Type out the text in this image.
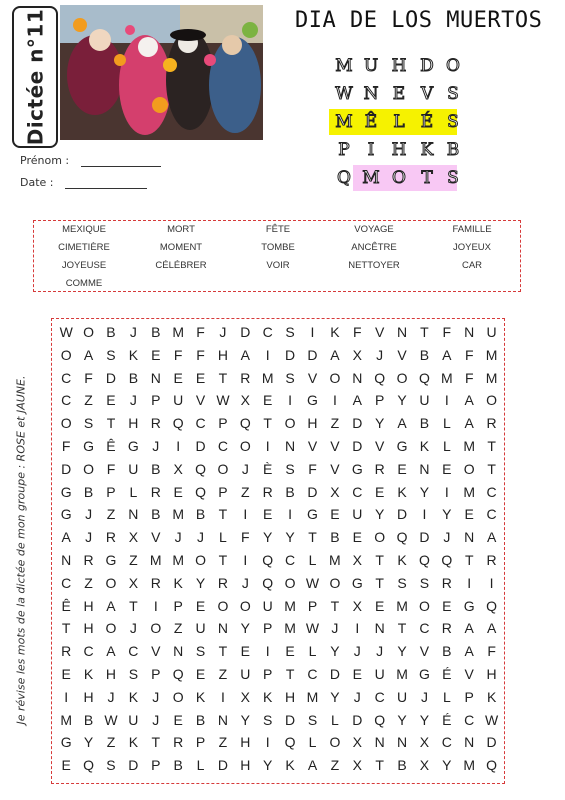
Dictée n°11
Prénom :
Date :
DIA DE LOS MUERTOS
M U H D O
W N E V S
M Ê L É S
P	I	H K B
Q M O T S
MEXIQUE	MORT	FÊTE	VOYAGE	FAMILLE
CIMETIÈRE	MOMENT	TOMBE	ANCÊTRE	JOYEUX
JOYEUSE	CÉLÉBRER	VOIR	NETTOYER	CAR
COMME
Je révise les mots de la dictée de mon groupe : ROSE et JAUNE.
W O B	J	B M F	J D C S	I	K F V N T F N U
O A S K E F F H A	I	D D A X	J	V B A F M
C F D B N E E T R M S V O N Q O Q M F M
C Z E	J	P U V W X E	I	G	I	A P Y U	I	A O
O S T H R Q C P Q T O H Z D Y A B L A R
F G Ê G J	I	D C O	I	N V V D V G K L M T
D O F U B X Q O J	È S F V G R E N E O T
G B P L R E Q P Z R B D X C E K Y	I	M C
G J	Z N B M B T	I	E	I	G E U Y D	I	Y E C
A	J R X V	J	J	L	F Y Y T B E O Q D J N A
N R G Z M M O T	I	Q C L M X T K Q Q T R
C Z O X R K Y R J Q O W O G T S S R	I	I
Ê H A T	I	P E O O U M P T X E M O E G Q
T H O J O Z U N Y P M W J	I	N T C R A A
R C A C V N S T E	I	E L Y	J	J	Y V B A F
E K H S P Q E Z U P T C D E U M G É V H
I	H J	K	J O K	I	X K H M Y	J C U J	L P K
M B W U J	E B N Y S D S L D Q Y Y É C W
G Y Z K T R P Z H	I	Q L O X N N X C N D
E Q S D P B L D H Y K A Z X T B X Y M Q
